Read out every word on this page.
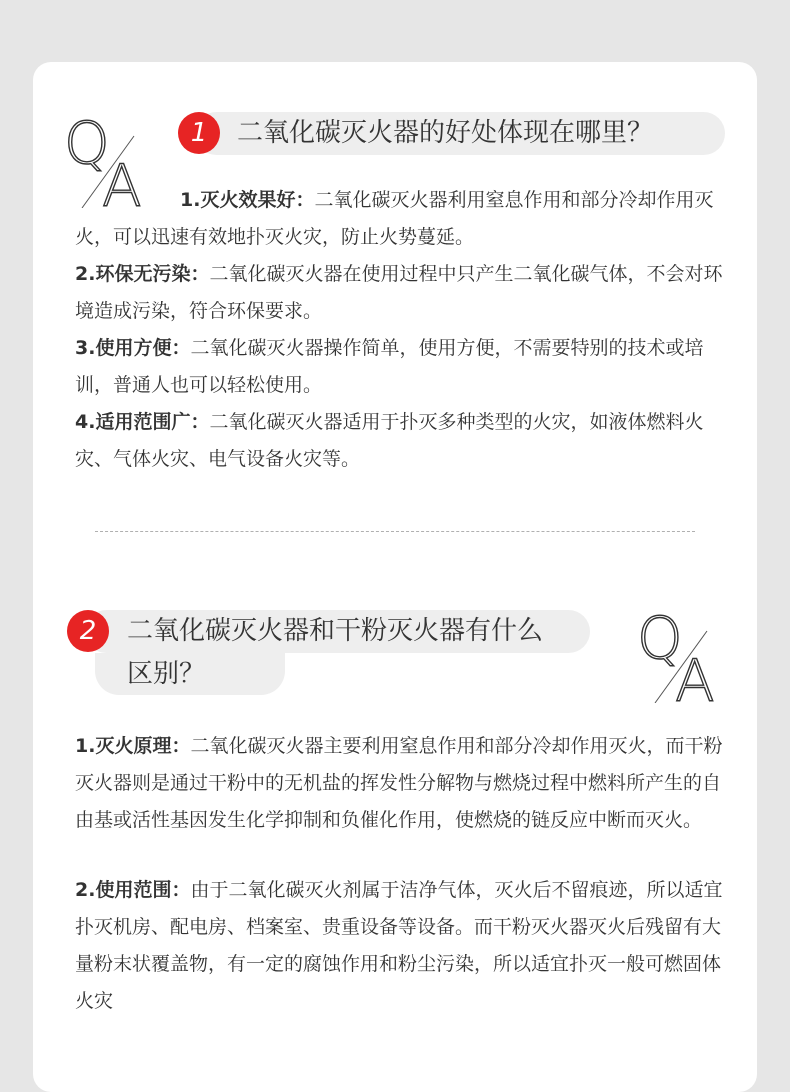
Q
A
1	二氧化碳灭火器的好处体现在哪里？

1.灭火效果好：二氧化碳灭火器利用窒息作用和部分冷却作用灭火，可以迅速有效地扑灭火灾，防止火势蔓延。

2.环保无污染：二氧化碳灭火器在使用过程中只产生二氧化碳气体，不会对环境造成污染，符合环保要求。

3.使用方便：二氧化碳灭火器操作简单，使用方便，不需要特别的技术或培训，普通人也可以轻松使用。

4.适用范围广：二氧化碳灭火器适用于扑灭多种类型的火灾，如液体燃料火灾、气体火灾、电气设备火灾等。

2	二氧化碳灭火器和干粉灭火器有什么
区别？
Q
A

1.灭火原理：二氧化碳灭火器主要利用窒息作用和部分冷却作用灭火，而干粉灭火器则是通过干粉中的无机盐的挥发性分解物与燃烧过程中燃料所产生的自由基或活性基因发生化学抑制和负催化作用，使燃烧的链反应中断而灭火。

2.使用范围：由于二氧化碳灭火剂属于洁净气体，灭火后不留痕迹，所以适宜扑灭机房、配电房、档案室、贵重设备等设备。而干粉灭火器灭火后残留有大量粉末状覆盖物，有一定的腐蚀作用和粉尘污染，所以适宜扑灭一般可燃固体火灾
